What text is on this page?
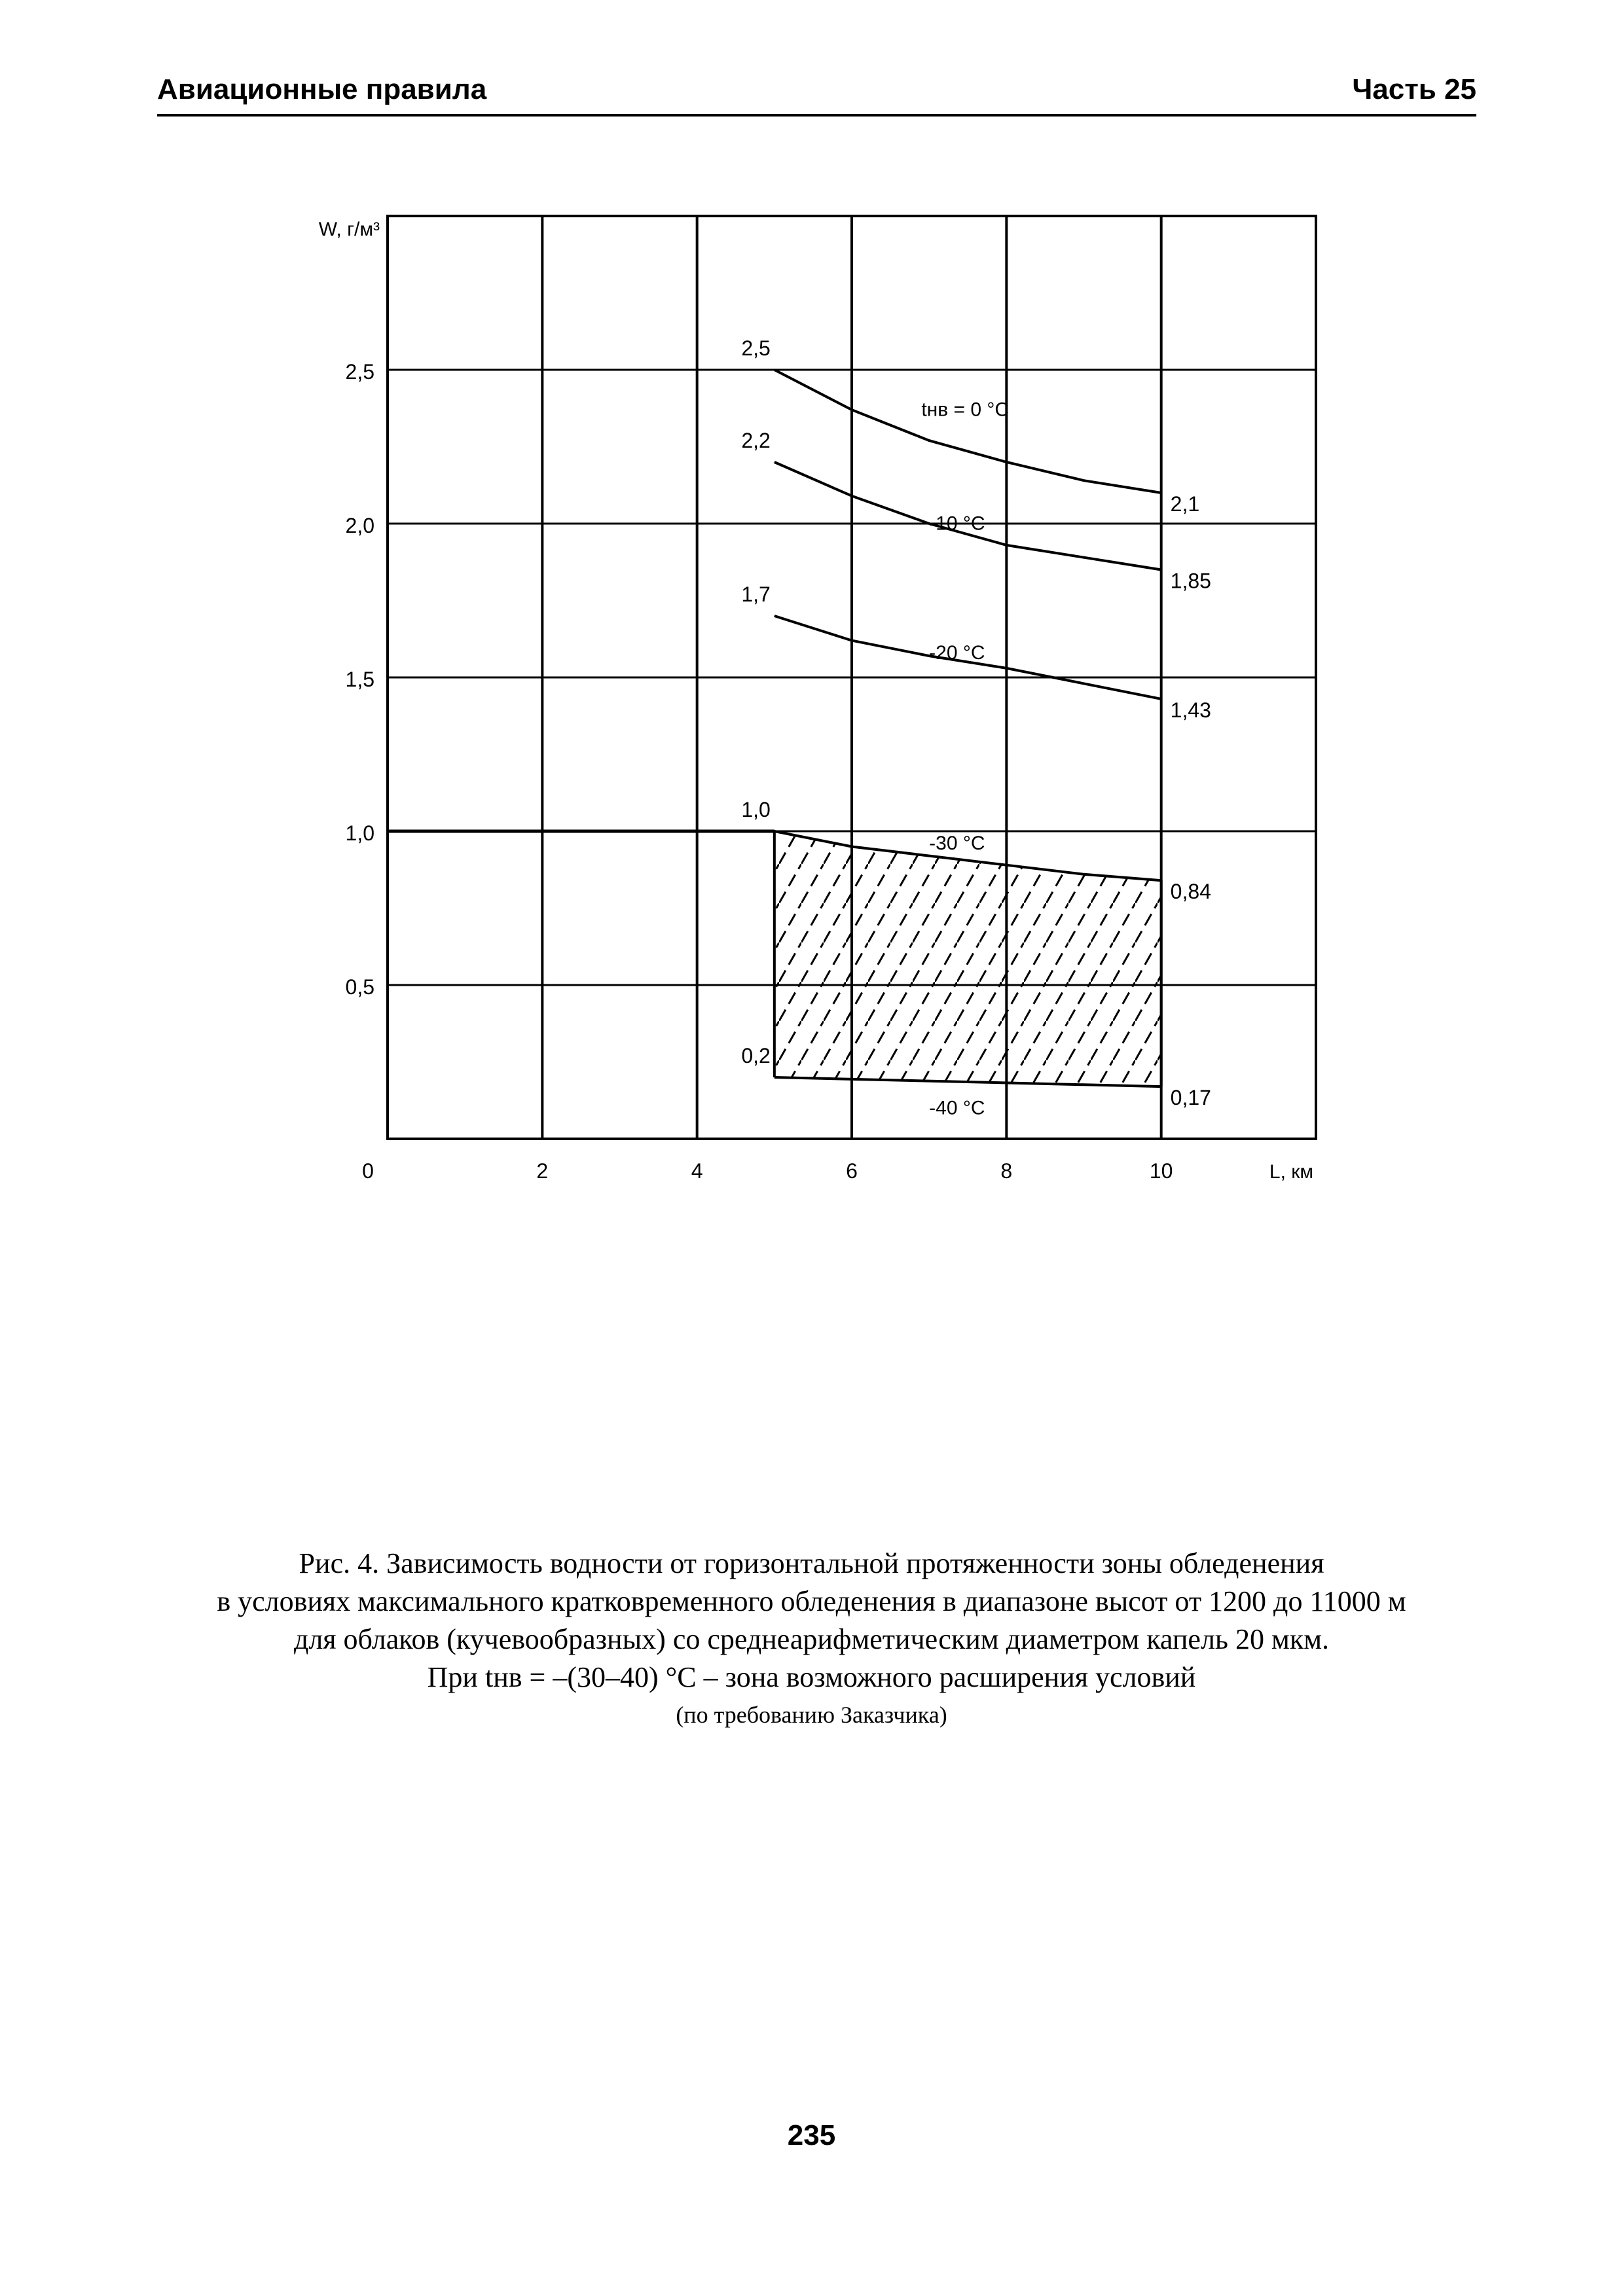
Авиационные правила	Часть 25
0	2	4	6	8	10
0,5
1,0
1,5
2,0
2,5
W, г/м³
L, км
2,5
2,1
tнв = 0 °C
2,2
1,85
-10 °C
1,7
1,43
-20 °C
1,0
0,84
-30 °C
0,2
0,17
-40 °C
Рис. 4. Зависимость водности от горизонтальной протяженности зоны обледенения
в условиях максимального кратковременного обледенения в диапазоне высот от 1200 до 11000 м
для облаков (кучевообразных) со среднеарифметическим диаметром капель 20 мкм.
При tнв = –(30–40) °С – зона возможного расширения условий
(по требованию Заказчика)
235
